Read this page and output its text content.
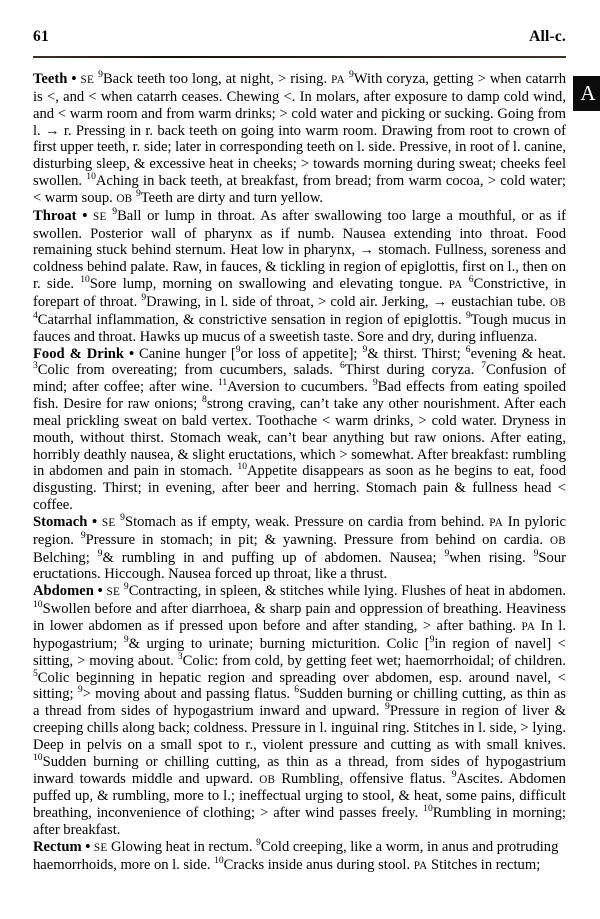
61	All-c.
A

Teeth • SE $^9$Back teeth too long, at night, > rising. PA $^9$With coryza, getting > when catarrh is <, and < when catarrh ceases. Chewing <. In molars, after exposure to damp cold wind, and < warm room and from warm drinks; > cold water and picking or sucking. Going from l. → r. Pressing in r. back teeth on going into warm room. Drawing from root to crown of first upper teeth, r. side; later in corresponding teeth on l. side. Pressive, in root of l. canine, disturbing sleep, & excessive heat in cheeks; > towards morning during sweat; cheeks feel swollen. $^{10}$Aching in back teeth, at breakfast, from bread; from warm cocoa, > cold water; < warm soup. OB $^9$Teeth are dirty and turn yellow.

Throat • SE $^9$Ball or lump in throat. As after swallowing too large a mouthful, or as if swollen. Posterior wall of pharynx as if numb. Nausea extending into throat. Food remaining stuck behind sternum. Heat low in pharynx, → stomach. Fullness, soreness and coldness behind palate. Raw, in fauces, & tickling in region of epiglottis, first on l., then on r. side. $^{10}$Sore lump, morning on swallowing and elevating tongue. PA $^6$Constrictive, in forepart of throat. $^9$Drawing, in l. side of throat, > cold air. Jerking, → eustachian tube. OB $^4$Catarrhal inflammation, & constrictive sensation in region of epiglottis. $^9$Tough mucus in fauces and throat. Hawks up mucus of a sweetish taste. Sore and dry, during influenza.

Food & Drink • Canine hunger [$^9$or loss of appetite]; $^9$& thirst. Thirst; $^6$evening & heat. $^3$Colic from overeating; from cucumbers, salads. $^6$Thirst during coryza. $^7$Confusion of mind; after coffee; after wine. $^{11}$Aversion to cucumbers. $^9$Bad effects from eating spoiled fish. Desire for raw onions; $^8$strong craving, can’t take any other nourishment. After each meal prickling sweat on bald vertex. Toothache < warm drinks, > cold water. Dryness in mouth, without thirst. Stomach weak, can’t bear anything but raw onions. After eating, horribly deathly nausea, & slight eructations, which > somewhat. After breakfast: rumbling in abdomen and pain in stomach. $^{10}$Appetite disappears as soon as he begins to eat, food disgusting. Thirst; in evening, after beer and herring. Stomach pain & fullness head < coffee.

Stomach • SE $^9$Stomach as if empty, weak. Pressure on cardia from behind. PA In pyloric region. $^9$Pressure in stomach; in pit; & yawning. Pressure from behind on cardia. OB Belching; $^9$& rumbling in and puffing up of abdomen. Nausea; $^9$when rising. $^9$Sour eructations. Hiccough. Nausea forced up throat, like a thrust.

Abdomen • SE $^9$Contracting, in spleen, & stitches while lying. Flushes of heat in abdomen. $^{10}$Swollen before and after diarrhoea, & sharp pain and oppression of breathing. Heaviness in lower abdomen as if pressed upon before and after standing, > after bathing. PA In l. hypogastrium; $^9$& urging to urinate; burning micturition. Colic [$^9$in region of navel] < sitting, > moving about. $^3$Colic: from cold, by getting feet wet; haemorrhoidal; of children. $^5$Colic beginning in hepatic region and spreading over abdomen, esp. around navel, < sitting; $^9$> moving about and passing flatus. $^6$Sudden burning or chilling cutting, as thin as a thread from sides of hypogastrium inward and upward. $^9$Pressure in region of liver & creeping chills along back; coldness. Pressure in l. inguinal ring. Stitches in l. side, > lying. Deep in pelvis on a small spot to r., violent pressure and cutting as with small knives. $^{10}$Sudden burning or chilling cutting, as thin as a thread, from sides of hypogastrium inward towards middle and upward. OB Rumbling, offensive flatus. $^9$Ascites. Abdomen puffed up, & rumbling, more to l.; ineffectual urging to stool, & heat, some pains, difficult breathing, inconvenience of clothing; > after wind passes freely. $^{10}$Rumbling in morning; after breakfast.

Rectum • SE Glowing heat in rectum. $^9$Cold creeping, like a worm, in anus and protruding haemorrhoids, more on l. side. $^{10}$Cracks inside anus during stool. PA Stitches in rectum;
